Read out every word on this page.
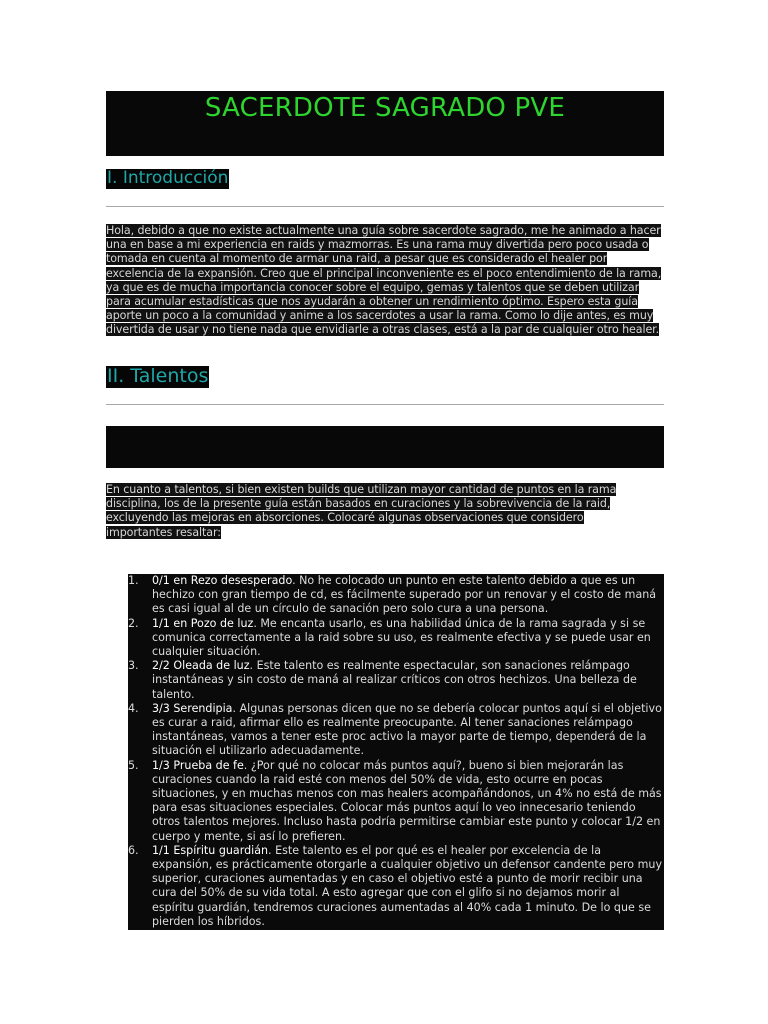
SACERDOTE SAGRADO PVE
I. Introducción

Hola, debido a que no existe actualmente una guía sobre sacerdote sagrado, me he animado a hacer una en base a mi experiencia en raids y mazmorras. Es una rama muy divertida pero poco usada o tomada en cuenta al momento de armar una raid, a pesar que es considerado el healer por excelencia de la expansión. Creo que el principal inconveniente es el poco entendimiento de la rama, ya que es de mucha importancia conocer sobre el equipo, gemas y talentos que se deben utilizar para acumular estadísticas que nos ayudarán a obtener un rendimiento óptimo. Espero esta guía aporte un poco a la comunidad y anime a los sacerdotes a usar la rama. Como lo dije antes, es muy divertida de usar y no tiene nada que envidiarle a otras clases, está a la par de cualquier otro healer.

II. Talentos

En cuanto a talentos, si bien existen builds que utilizan mayor cantidad de puntos en la rama disciplina, los de la presente guía están basados en curaciones y la sobrevivencia de la raid, excluyendo las mejoras en absorciones. Colocaré algunas observaciones que considero importantes resaltar:

1. 0/1 en Rezo desesperado. No he colocado un punto en este talento debido a que es un hechizo con gran tiempo de cd, es fácilmente superado por un renovar y el costo de maná es casi igual al de un círculo de sanación pero solo cura a una persona.
2. 1/1 en Pozo de luz. Me encanta usarlo, es una habilidad única de la rama sagrada y si se comunica correctamente a la raid sobre su uso, es realmente efectiva y se puede usar en cualquier situación.
3. 2/2 Oleada de luz. Este talento es realmente espectacular, son sanaciones relámpago instantáneas y sin costo de maná al realizar críticos con otros hechizos. Una belleza de talento.
4. 3/3 Serendipia. Algunas personas dicen que no se debería colocar puntos aquí si el objetivo es curar a raid, afirmar ello es realmente preocupante. Al tener sanaciones relámpago instantáneas, vamos a tener este proc activo la mayor parte de tiempo, dependerá de la situación el utilizarlo adecuadamente.
5. 1/3 Prueba de fe. ¿Por qué no colocar más puntos aquí?, bueno si bien mejorarán las curaciones cuando la raid esté con menos del 50% de vida, esto ocurre en pocas situaciones, y en muchas menos con mas healers acompañándonos, un 4% no está de más para esas situaciones especiales. Colocar más puntos aquí lo veo innecesario teniendo otros talentos mejores. Incluso hasta podría permitirse cambiar este punto y colocar 1/2 en cuerpo y mente, si así lo prefieren.
6. 1/1 Espíritu guardián. Este talento es el por qué es el healer por excelencia de la expansión, es prácticamente otorgarle a cualquier objetivo un defensor candente pero muy superior, curaciones aumentadas y en caso el objetivo esté a punto de morir recibir una cura del 50% de su vida total. A esto agregar que con el glifo si no dejamos morir al espíritu guardián, tendremos curaciones aumentadas al 40% cada 1 minuto. De lo que se pierden los híbridos.
